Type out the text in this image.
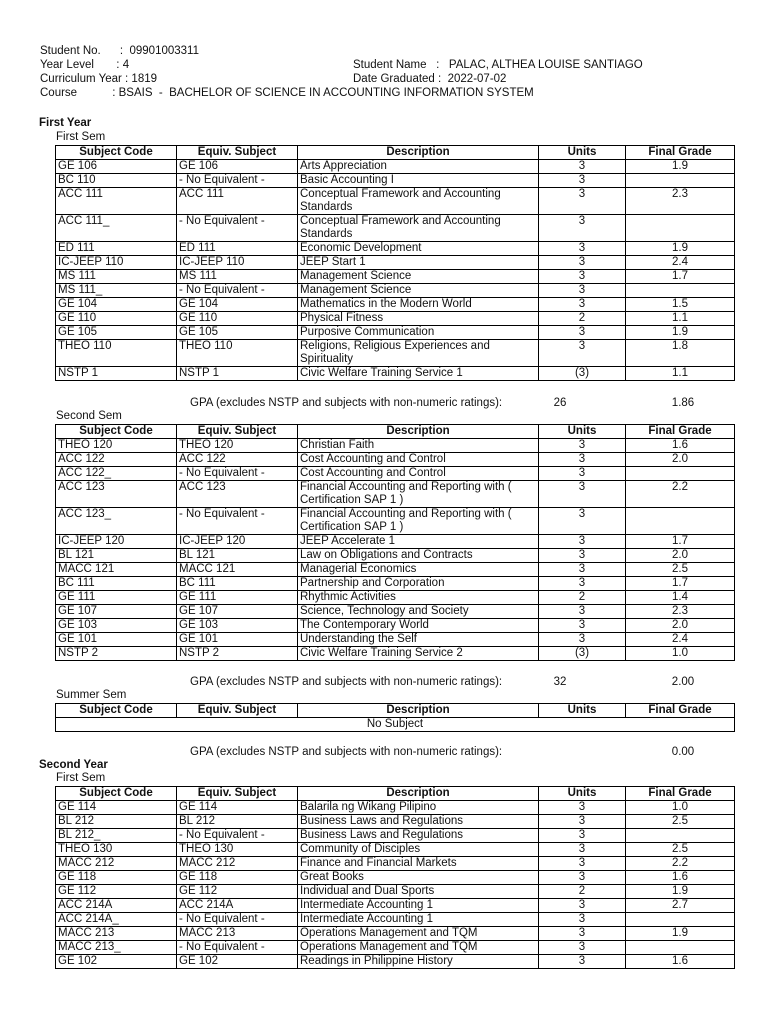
Student No.      :  09901003311

Student Name   :   PALAC, ALTHEA LOUISE SANTIAGO

Year Level       : 4

Date Graduated :  2022-07-02

Curriculum Year : 1819

Course           : BSAIS  -  BACHELOR OF SCIENCE IN ACCOUNTING INFORMATION SYSTEM

First Year
First Sem
Subject Code	Equiv. Subject	Description	Units	Final Grade
GE 106	GE 106	Arts Appreciation	3	1.9
BC 110	- No Equivalent -	Basic Accounting I	3	
ACC 111	ACC 111	Conceptual Framework and Accounting Standards	3	2.3
ACC 111_	- No Equivalent -	Conceptual Framework and Accounting Standards	3	
ED 111	ED 111	Economic Development	3	1.9
IC-JEEP 110	IC-JEEP 110	JEEP Start 1	3	2.4
MS 111	MS 111	Management Science	3	1.7
MS 111_	- No Equivalent -	Management Science	3	
GE 104	GE 104	Mathematics in the Modern World	3	1.5
GE 110	GE 110	Physical Fitness	2	1.1
GE 105	GE 105	Purposive Communication	3	1.9
THEO 110	THEO 110	Religions, Religious Experiences and Spirituality	3	1.8
NSTP 1	NSTP 1	Civic Welfare Training Service 1	(3)	1.1
GPA (excludes NSTP and subjects with non-numeric ratings):	26	1.86
Second Sem
Subject Code	Equiv. Subject	Description	Units	Final Grade
THEO 120	THEO 120	Christian Faith	3	1.6
ACC 122	ACC 122	Cost Accounting and Control	3	2.0
ACC 122_	- No Equivalent -	Cost Accounting and Control	3	
ACC 123	ACC 123	Financial Accounting and Reporting with ( Certification SAP 1 )	3	2.2
ACC 123_	- No Equivalent -	Financial Accounting and Reporting with ( Certification SAP 1 )	3	
IC-JEEP 120	IC-JEEP 120	JEEP Accelerate 1	3	1.7
BL 121	BL 121	Law on Obligations and Contracts	3	2.0
MACC 121	MACC 121	Managerial Economics	3	2.5
BC 111	BC 111	Partnership and Corporation	3	1.7
GE 111	GE 111	Rhythmic Activities	2	1.4
GE 107	GE 107	Science, Technology and Society	3	2.3
GE 103	GE 103	The Contemporary World	3	2.0
GE 101	GE 101	Understanding the Self	3	2.4
NSTP 2	NSTP 2	Civic Welfare Training Service 2	(3)	1.0
GPA (excludes NSTP and subjects with non-numeric ratings):	32	2.00
Summer Sem
Subject Code	Equiv. Subject	Description	Units	Final Grade
No Subject
GPA (excludes NSTP and subjects with non-numeric ratings):	0.00
Second Year
First Sem
Subject Code	Equiv. Subject	Description	Units	Final Grade
GE 114	GE 114	Balarila ng Wikang Pilipino	3	1.0
BL 212	BL 212	Business Laws and Regulations	3	2.5
BL 212_	- No Equivalent -	Business Laws and Regulations	3	
THEO 130	THEO 130	Community of Disciples	3	2.5
MACC 212	MACC 212	Finance and Financial Markets	3	2.2
GE 118	GE 118	Great Books	3	1.6
GE 112	GE 112	Individual and Dual Sports	2	1.9
ACC 214A	ACC 214A	Intermediate Accounting 1	3	2.7
ACC 214A_	- No Equivalent -	Intermediate Accounting 1	3	
MACC 213	MACC 213	Operations Management and TQM	3	1.9
MACC 213_	- No Equivalent -	Operations Management and TQM	3	
GE 102	GE 102	Readings in Philippine History	3	1.6
